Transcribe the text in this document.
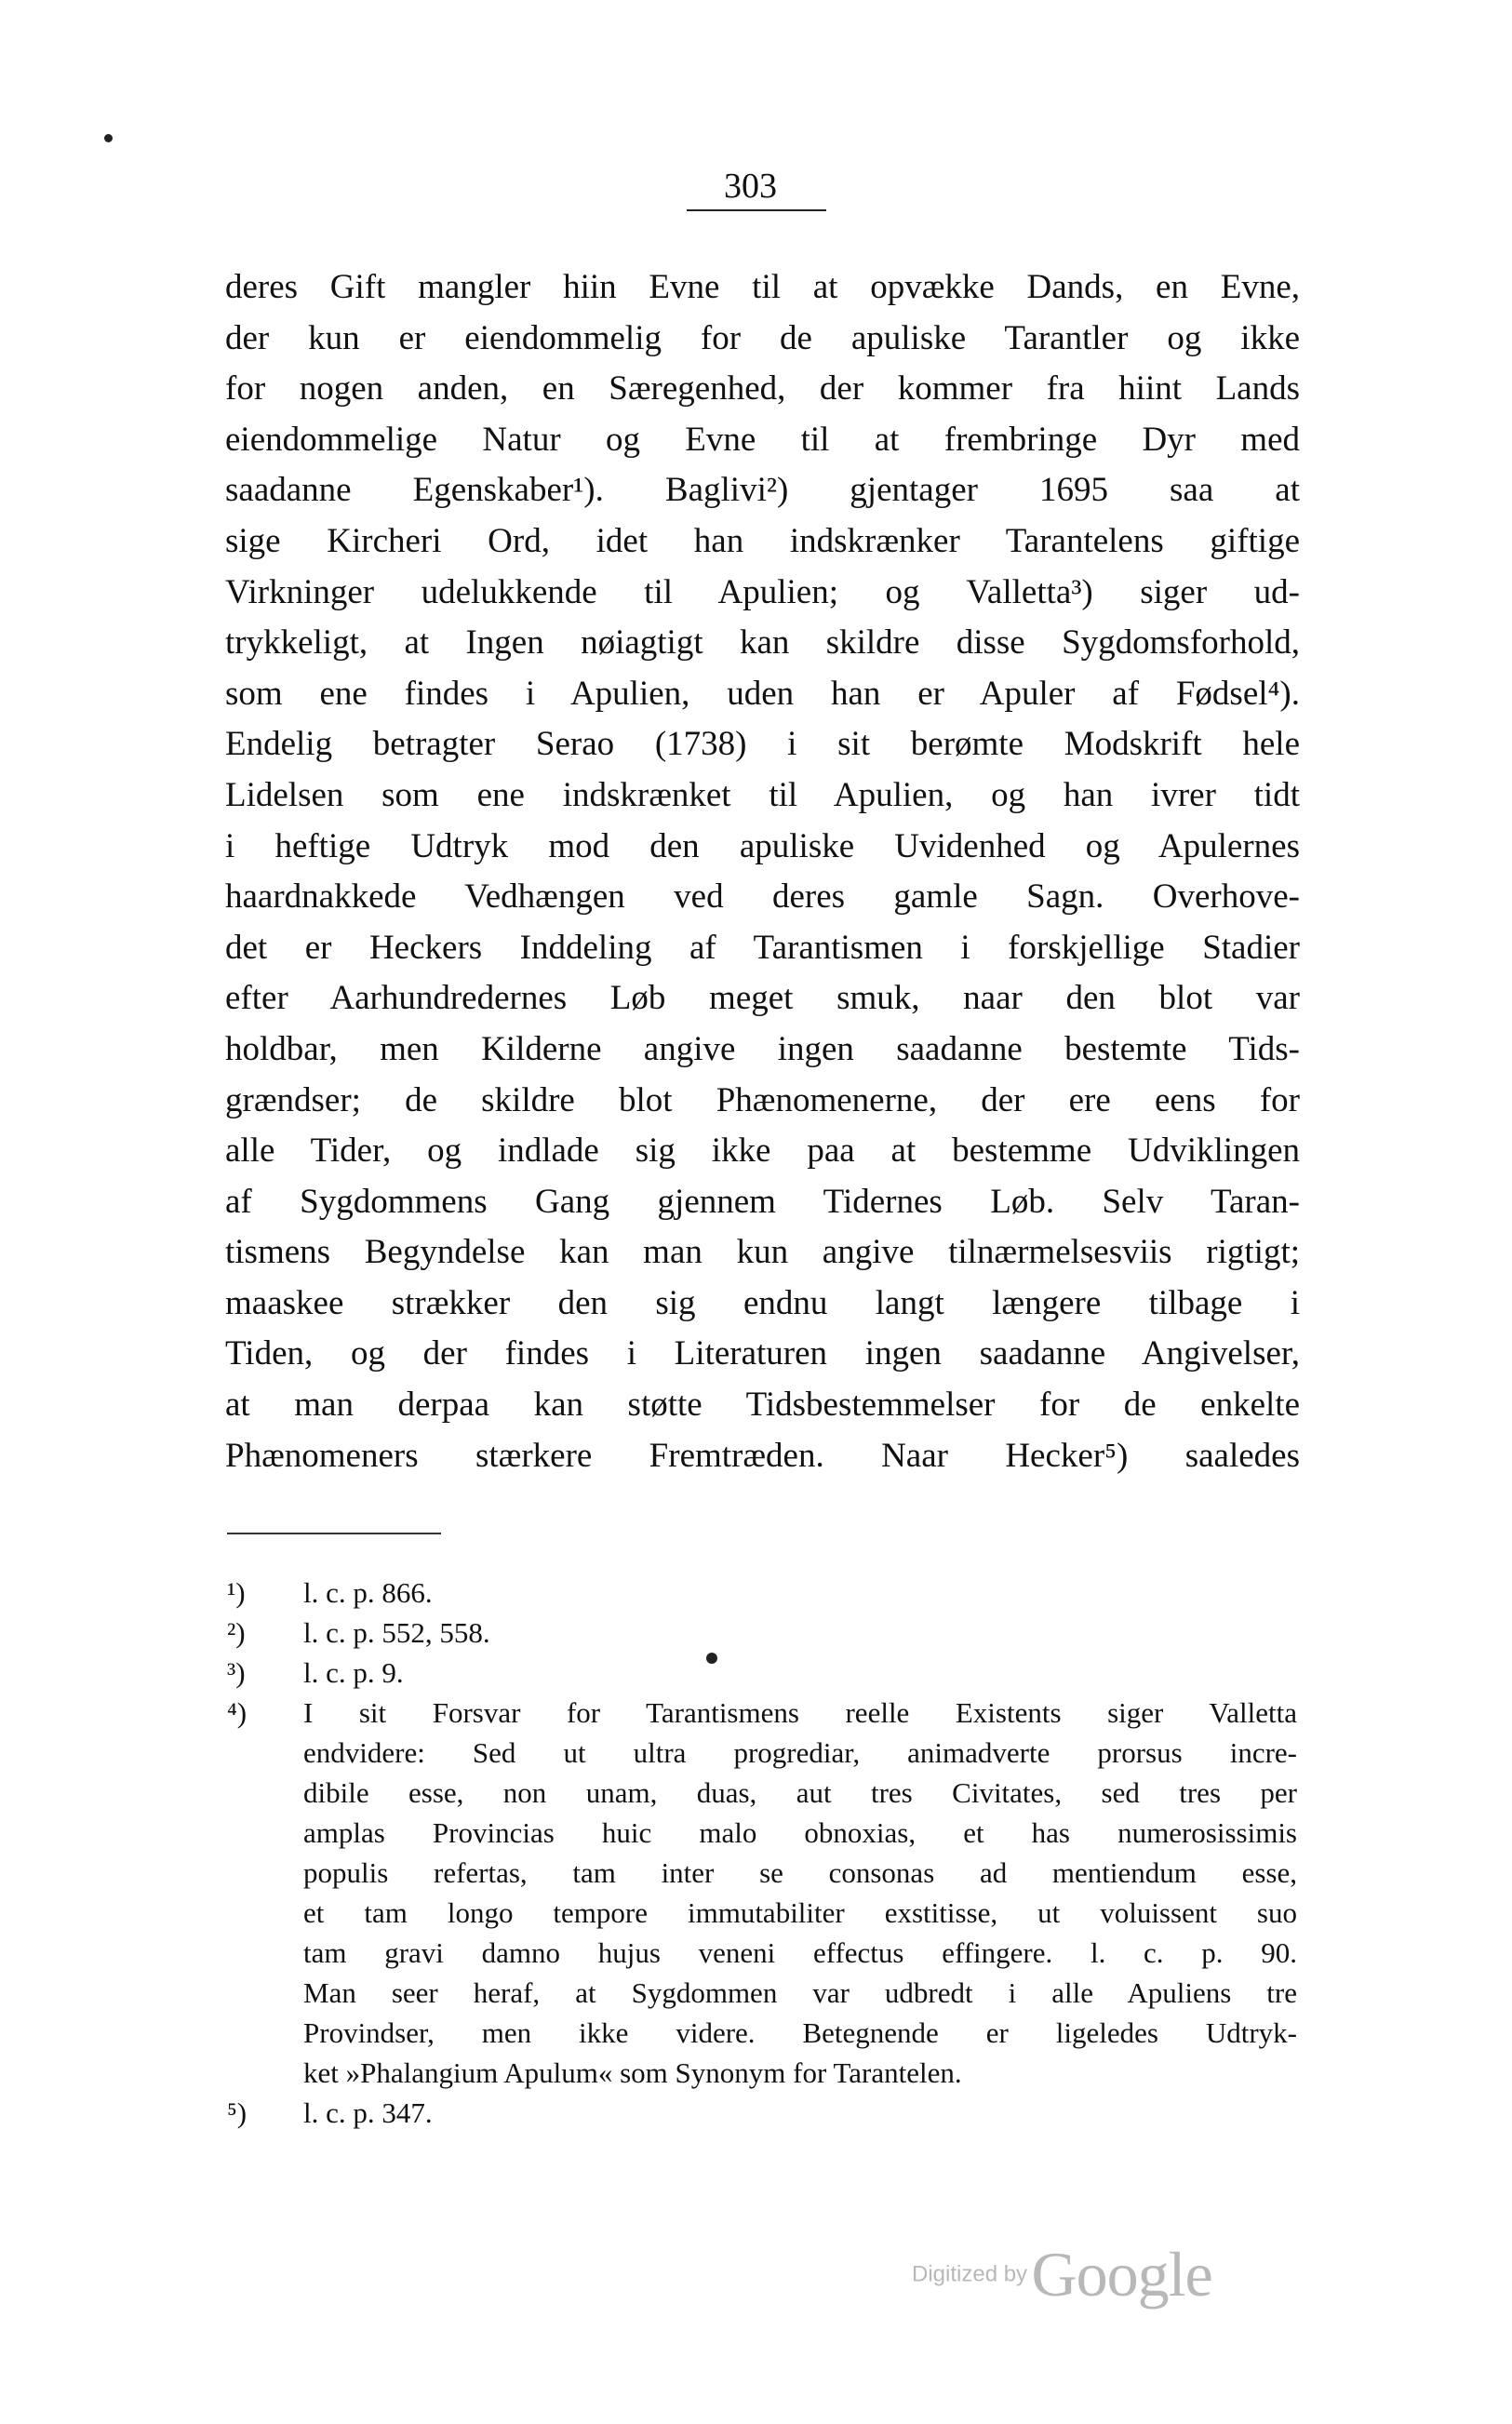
303
deres Gift mangler hiin Evne til at opvække Dands, en Evne,
der kun er eiendommelig for de apuliske Tarantler og ikke
for nogen anden, en Særegenhed, der kommer fra hiint Lands
eiendommelige Natur og Evne til at frembringe Dyr med
saadanne Egenskaber¹). Baglivi²) gjentager 1695 saa at
sige Kircheri Ord, idet han indskrænker Tarantelens giftige
Virkninger udelukkende til Apulien; og Valletta³) siger ud-
trykkeligt, at Ingen nøiagtigt kan skildre disse Sygdomsforhold,
som ene findes i Apulien, uden han er Apuler af Fødsel⁴).
Endelig betragter Serao (1738) i sit berømte Modskrift hele
Lidelsen som ene indskrænket til Apulien, og han ivrer tidt
i heftige Udtryk mod den apuliske Uvidenhed og Apulernes
haardnakkede Vedhængen ved deres gamle Sagn. Overhove-
det er Heckers Inddeling af Tarantismen i forskjellige Stadier
efter Aarhundredernes Løb meget smuk, naar den blot var
holdbar, men Kilderne angive ingen saadanne bestemte Tids-
grændser; de skildre blot Phænomenerne, der ere eens for
alle Tider, og indlade sig ikke paa at bestemme Udviklingen
af Sygdommens Gang gjennem Tidernes Løb. Selv Taran-
tismens Begyndelse kan man kun angive tilnærmelsesviis rigtigt;
maaskee strækker den sig endnu langt længere tilbage i
Tiden, og der findes i Literaturen ingen saadanne Angivelser,
at man derpaa kan støtte Tidsbestemmelser for de enkelte
Phænomeners stærkere Fremtræden. Naar Hecker⁵) saaledes
¹)	l. c. p. 866.
²)	l. c. p. 552, 558.
³)	l. c. p. 9.
⁴)	I sit Forsvar for Tarantismens reelle Existents siger Valletta
endvidere: Sed ut ultra progrediar, animadverte prorsus incre-
dibile esse, non unam, duas, aut tres Civitates, sed tres per
amplas Provincias huic malo obnoxias, et has numerosissimis
populis refertas, tam inter se consonas ad mentiendum esse,
et tam longo tempore immutabiliter exstitisse, ut voluissent suo
tam gravi damno hujus veneni effectus effingere. l. c. p. 90.
Man seer heraf, at Sygdommen var udbredt i alle Apuliens tre
Provindser, men ikke videre. Betegnende er ligeledes Udtryk-
ket »Phalangium Apulum« som Synonym for Tarantelen.
⁵)	l. c. p. 347.
Digitized by Google
